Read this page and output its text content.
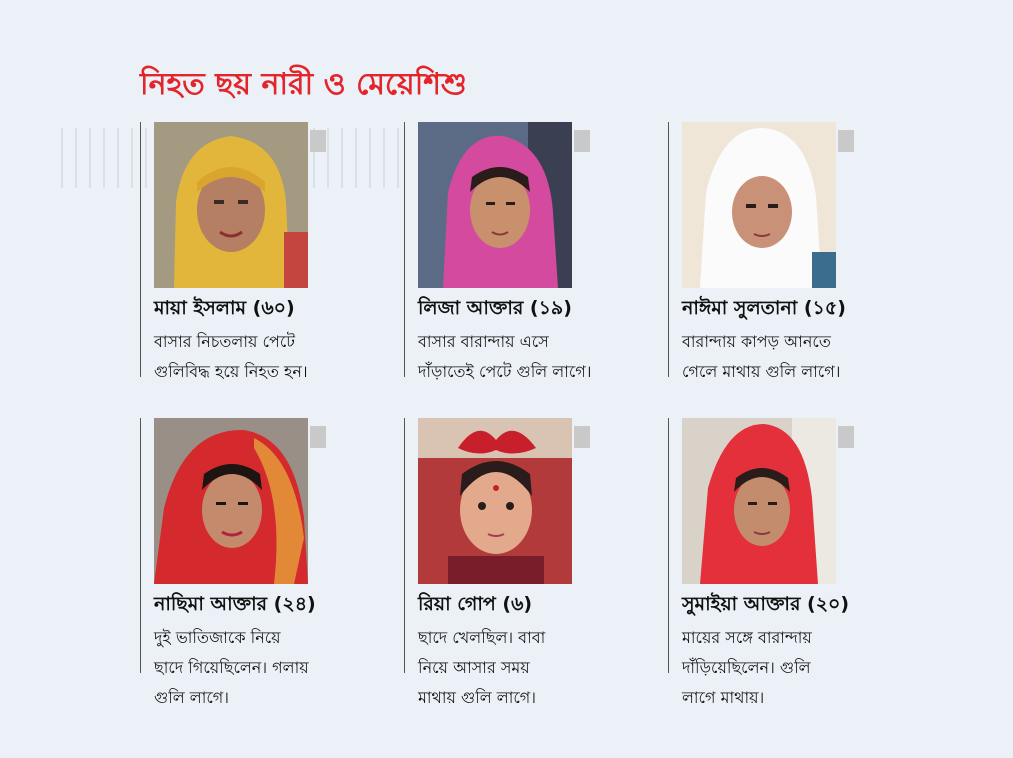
নিহত ছয় নারী ও মেয়েশিশু
মায়া ইসলাম (৬০)
বাসার নিচতলায় পেটে
গুলিবিদ্ধ হয়ে নিহত হন।
লিজা আক্তার (১৯)
বাসার বারান্দায় এসে
দাঁড়াতেই পেটে গুলি লাগে।
নাঈমা সুলতানা (১৫)
বারান্দায় কাপড় আনতে
গেলে মাথায় গুলি লাগে।
নাছিমা আক্তার (২৪)
দুই ভাতিজাকে নিয়ে
ছাদে গিয়েছিলেন। গলায়
গুলি লাগে।
রিয়া গোপ (৬)
ছাদে খেলছিল। বাবা
নিয়ে আসার সময়
মাথায় গুলি লাগে।
সুমাইয়া আক্তার (২০)
মায়ের সঙ্গে বারান্দায়
দাঁড়িয়েছিলেন। গুলি
লাগে মাথায়।
